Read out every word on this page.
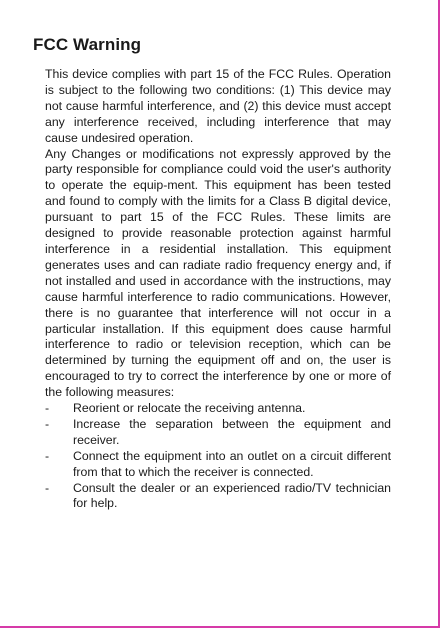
FCC Warning

This device complies with part 15 of the FCC Rules. Operation is subject to the following two conditions: (1) This device may not cause harmful interference, and (2) this device must accept any interference received, including interference that may cause undesired operation.

Any Changes or modifications not expressly approved by the party responsible for compliance could void the user's authority to operate the equip-ment. This equipment has been tested and found to comply with the limits for a Class B digital device, pursuant to part 15 of the FCC Rules. These limits are designed to provide reasonable protection against harmful interference in a residential installation. This equipment generates uses and can radiate radio frequency energy and, if not installed and used in accordance with the instructions, may cause harmful interference to radio communications. However, there is no guarantee that interference will not occur in a particular installation. If this equipment does cause harmful interference to radio or television reception, which can be determined by turning the equipment off and on, the user is encouraged to try to correct the interference by one or more of the following measures:

-	Reorient or relocate the receiving antenna.
-	Increase the separation between the equipment and receiver.
-	Connect the equipment into an outlet on a circuit different from that to which the receiver is connected.
-	Consult the dealer or an experienced radio/TV technician for help.
